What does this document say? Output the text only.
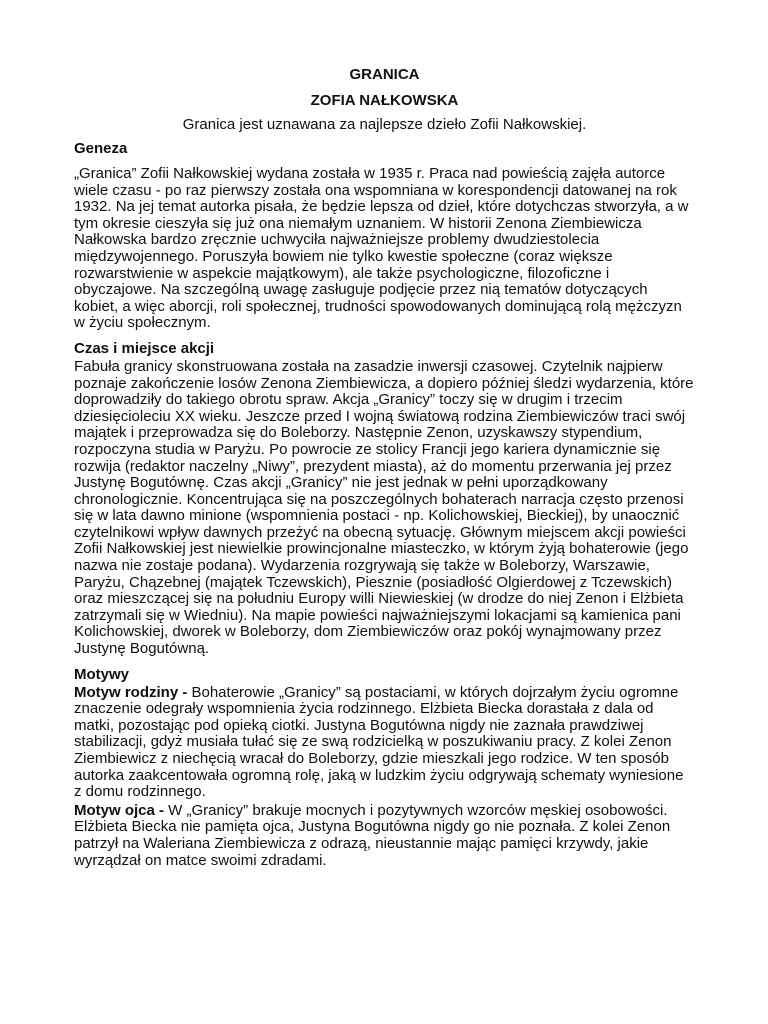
GRANICA

ZOFIA NAŁKOWSKA

Granica jest uznawana za najlepsze dzieło Zofii Nałkowskiej.

Geneza

„Granica” Zofii Nałkowskiej wydana została w 1935 r. Praca nad powieścią zajęła autorce wiele czasu - po raz pierwszy została ona wspomniana w korespondencji datowanej na rok 1932. Na jej temat autorka pisała, że będzie lepsza od dzieł, które dotychczas stworzyła, a w tym okresie cieszyła się już ona niemałym uznaniem. W historii Zenona Ziembiewicza Nałkowska bardzo zręcznie uchwyciła najważniejsze problemy dwudziestolecia międzywojennego. Poruszyła bowiem nie tylko kwestie społeczne (coraz większe rozwarstwienie w aspekcie majątkowym), ale także psychologiczne, filozoficzne i obyczajowe. Na szczególną uwagę zasługuje podjęcie przez nią tematów dotyczących kobiet, a więc aborcji, roli społecznej, trudności spowodowanych dominującą rolą mężczyzn w życiu społecznym.

Czas i miejsce akcji

Fabuła granicy skonstruowana została na zasadzie inwersji czasowej. Czytelnik najpierw poznaje zakończenie losów Zenona Ziembiewicza, a dopiero później śledzi wydarzenia, które doprowadziły do takiego obrotu spraw. Akcja „Granicy” toczy się w drugim i trzecim dziesięcioleciu XX wieku. Jeszcze przed I wojną światową rodzina Ziembiewiczów traci swój majątek i przeprowadza się do Boleborzy. Następnie Zenon, uzyskawszy stypendium, rozpoczyna studia w Paryżu. Po powrocie ze stolicy Francji jego kariera dynamicznie się rozwija (redaktor naczelny „Niwy”, prezydent miasta), aż do momentu przerwania jej przez Justynę Bogutównę. Czas akcji „Granicy” nie jest jednak w pełni uporządkowany chronologicznie. Koncentrująca się na poszczególnych bohaterach narracja często przenosi się w lata dawno minione (wspomnienia postaci - np. Kolichowskiej, Bieckiej), by unaocznić czytelnikowi wpływ dawnych przeżyć na obecną sytuację. Głównym miejscem akcji powieści Zofii Nałkowskiej jest niewielkie prowincjonalne miasteczko, w którym żyją bohaterowie (jego nazwa nie zostaje podana). Wydarzenia rozgrywają się także w Boleborzy, Warszawie, Paryżu, Chązebnej (majątek Tczewskich), Piesznie (posiadłość Olgierdowej z Tczewskich) oraz mieszczącej się na południu Europy willi Niewieskiej (w drodze do niej Zenon i Elżbieta zatrzymali się w Wiedniu). Na mapie powieści najważniejszymi lokacjami są kamienica pani Kolichowskiej, dworek w Boleborzy, dom Ziembiewiczów oraz pokój wynajmowany przez Justynę Bogutówną.

Motywy

Motyw rodziny - Bohaterowie „Granicy” są postaciami, w których dojrzałym życiu ogromne znaczenie odegrały wspomnienia życia rodzinnego. Elżbieta Biecka dorastała z dala od matki, pozostając pod opieką ciotki. Justyna Bogutówna nigdy nie zaznała prawdziwej stabilizacji, gdyż musiała tułać się ze swą rodzicielką w poszukiwaniu pracy. Z kolei Zenon Ziembiewicz z niechęcią wracał do Boleborzy, gdzie mieszkali jego rodzice. W ten sposób autorka zaakcentowała ogromną rolę, jaką w ludzkim życiu odgrywają schematy wyniesione z domu rodzinnego.

Motyw ojca - W „Granicy” brakuje mocnych i pozytywnych wzorców męskiej osobowości. Elżbieta Biecka nie pamięta ojca, Justyna Bogutówna nigdy go nie poznała. Z kolei Zenon patrzył na Waleriana Ziembiewicza z odrazą, nieustannie mając pamięci krzywdy, jakie wyrządzał on matce swoimi zdradami.
